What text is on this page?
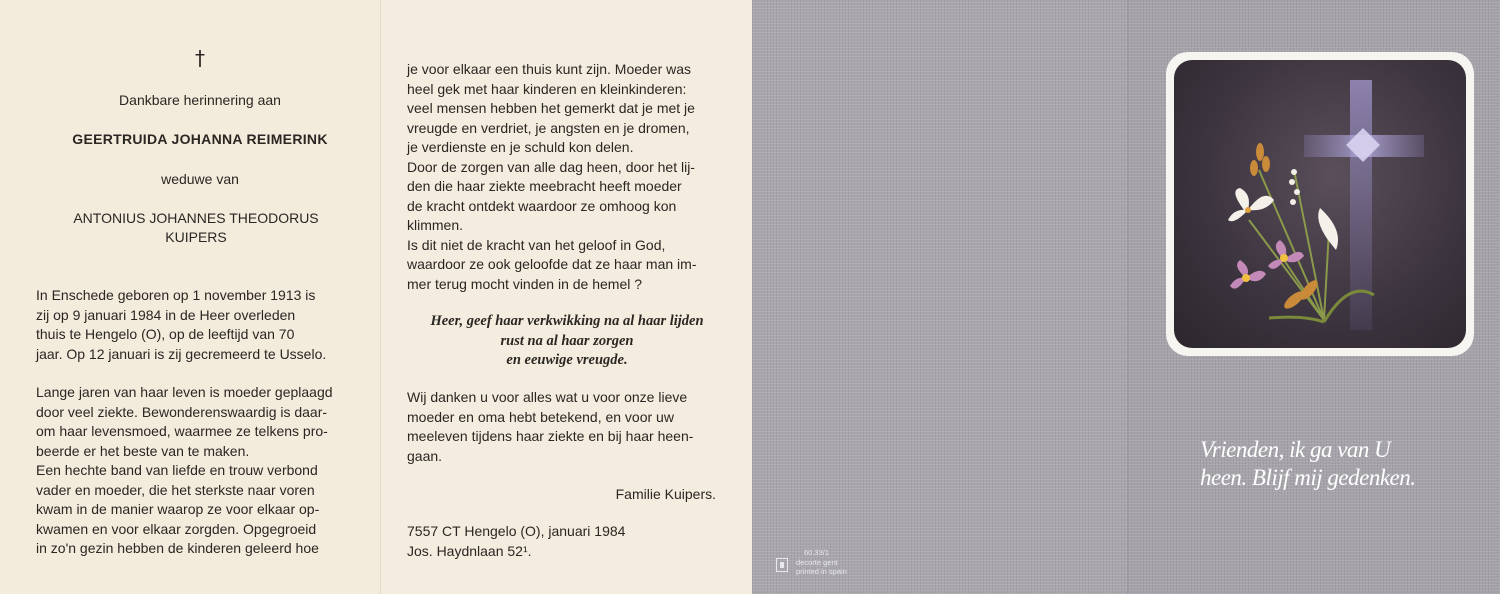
†
Dankbare herinnering aan
GEERTRUIDA JOHANNA REIMERINK
weduwe van
ANTONIUS JOHANNES THEODORUS
KUIPERS
In Enschede geboren op 1 november 1913 is
zij op 9 januari 1984 in de Heer overleden
thuis te Hengelo (O), op de leeftijd van 70
jaar. Op 12 januari is zij gecremeerd te Usselo.
Lange jaren van haar leven is moeder geplaagd
door veel ziekte. Bewonderenswaardig is daar-
om haar levensmoed, waarmee ze telkens pro-
beerde er het beste van te maken.
Een hechte band van liefde en trouw verbond
vader en moeder, die het sterkste naar voren
kwam in de manier waarop ze voor elkaar op-
kwamen en voor elkaar zorgden. Opgegroeid
in zo'n gezin hebben de kinderen geleerd hoe
je voor elkaar een thuis kunt zijn. Moeder was
heel gek met haar kinderen en kleinkinderen:
veel mensen hebben het gemerkt dat je met je
vreugde en verdriet, je angsten en je dromen,
je verdienste en je schuld kon delen.
Door de zorgen van alle dag heen, door het lij-
den die haar ziekte meebracht heeft moeder
de kracht ontdekt waardoor ze omhoog kon
klimmen.
Is dit niet de kracht van het geloof in God,
waardoor ze ook geloofde dat ze haar man im-
mer terug mocht vinden in de hemel ?
Heer, geef haar verkwikking na al haar lijden
rust na al haar zorgen
en eeuwige vreugde.
Wij danken u voor alles wat u voor onze lieve
moeder en oma hebt betekend, en voor uw
meeleven tijdens haar ziekte en bij haar heen-
gaan.
Familie Kuipers.
7557 CT Hengelo (O), januari 1984
Jos. Haydnlaan 52¹.	60.33/1
decorte gent
printed in spain
Vrienden, ik ga van U
heen. Blijf mij gedenken.
